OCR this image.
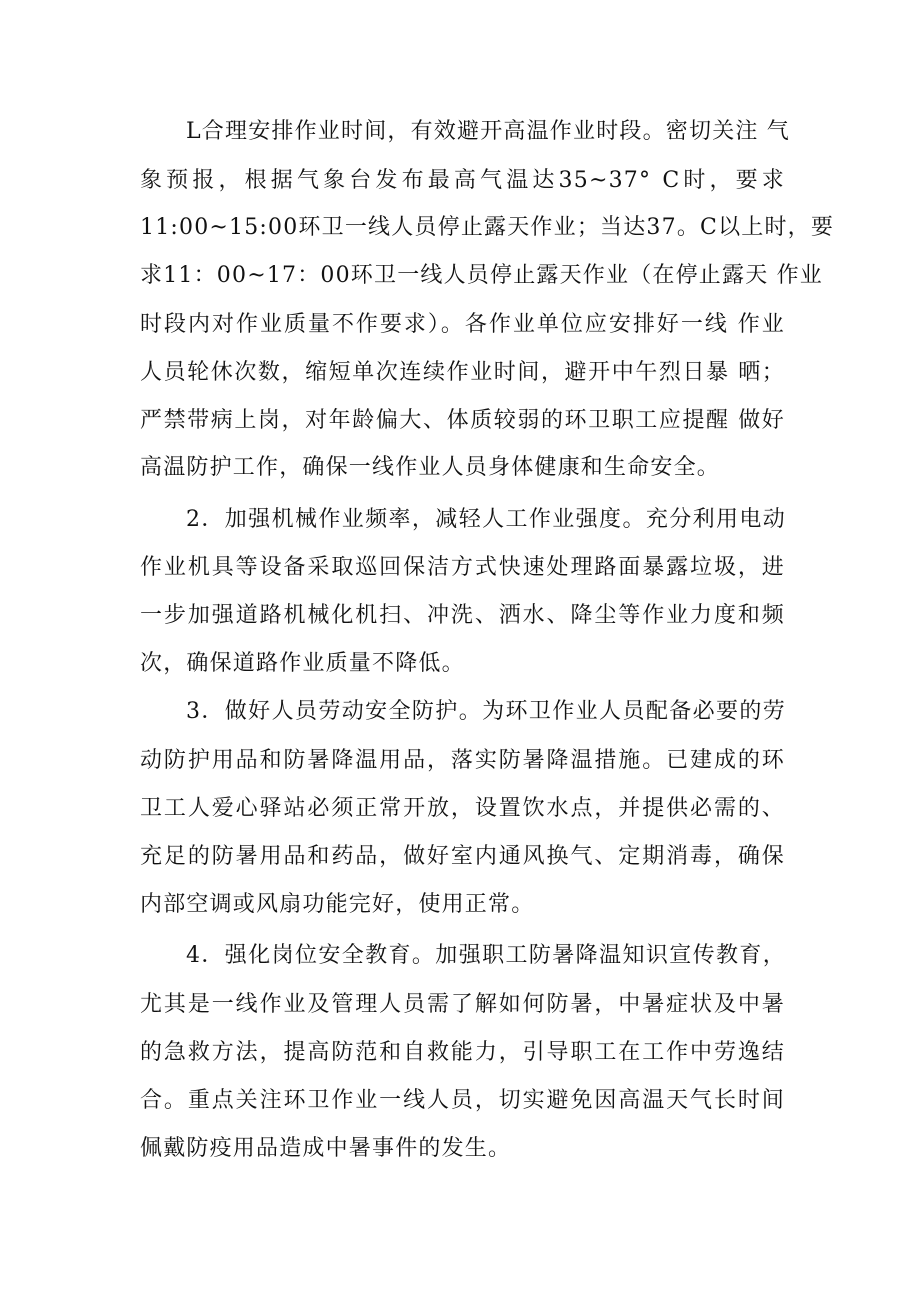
L合理安排作业时间，有效避开高温作业时段。密切关注 气
象预报，根据气象台发布最高气温达35~37° C时，要求
11:00~15:00环卫一线人员停止露天作业；当达37。C以上时，要
求11：00~17：00环卫一线人员停止露天作业（在停止露天 作业
时段内对作业质量不作要求）。各作业单位应安排好一线 作业
人员轮休次数，缩短单次连续作业时间，避开中午烈日暴 晒；
严禁带病上岗，对年龄偏大、体质较弱的环卫职工应提醒 做好
高温防护工作，确保一线作业人员身体健康和生命安全。
2．加强机械作业频率，减轻人工作业强度。充分利用电动
作业机具等设备采取巡回保洁方式快速处理路面暴露垃圾，进
一步加强道路机械化机扫、冲洗、洒水、降尘等作业力度和频
次，确保道路作业质量不降低。
3．做好人员劳动安全防护。为环卫作业人员配备必要的劳
动防护用品和防暑降温用品，落实防暑降温措施。已建成的环
卫工人爱心驿站必须正常开放，设置饮水点，并提供必需的、
充足的防暑用品和药品，做好室内通风换气、定期消毒，确保
内部空调或风扇功能完好，使用正常。
4．强化岗位安全教育。加强职工防暑降温知识宣传教育，
尤其是一线作业及管理人员需了解如何防暑，中暑症状及中暑
的急救方法，提高防范和自救能力，引导职工在工作中劳逸结
合。重点关注环卫作业一线人员，切实避免因高温天气长时间
佩戴防疫用品造成中暑事件的发生。
